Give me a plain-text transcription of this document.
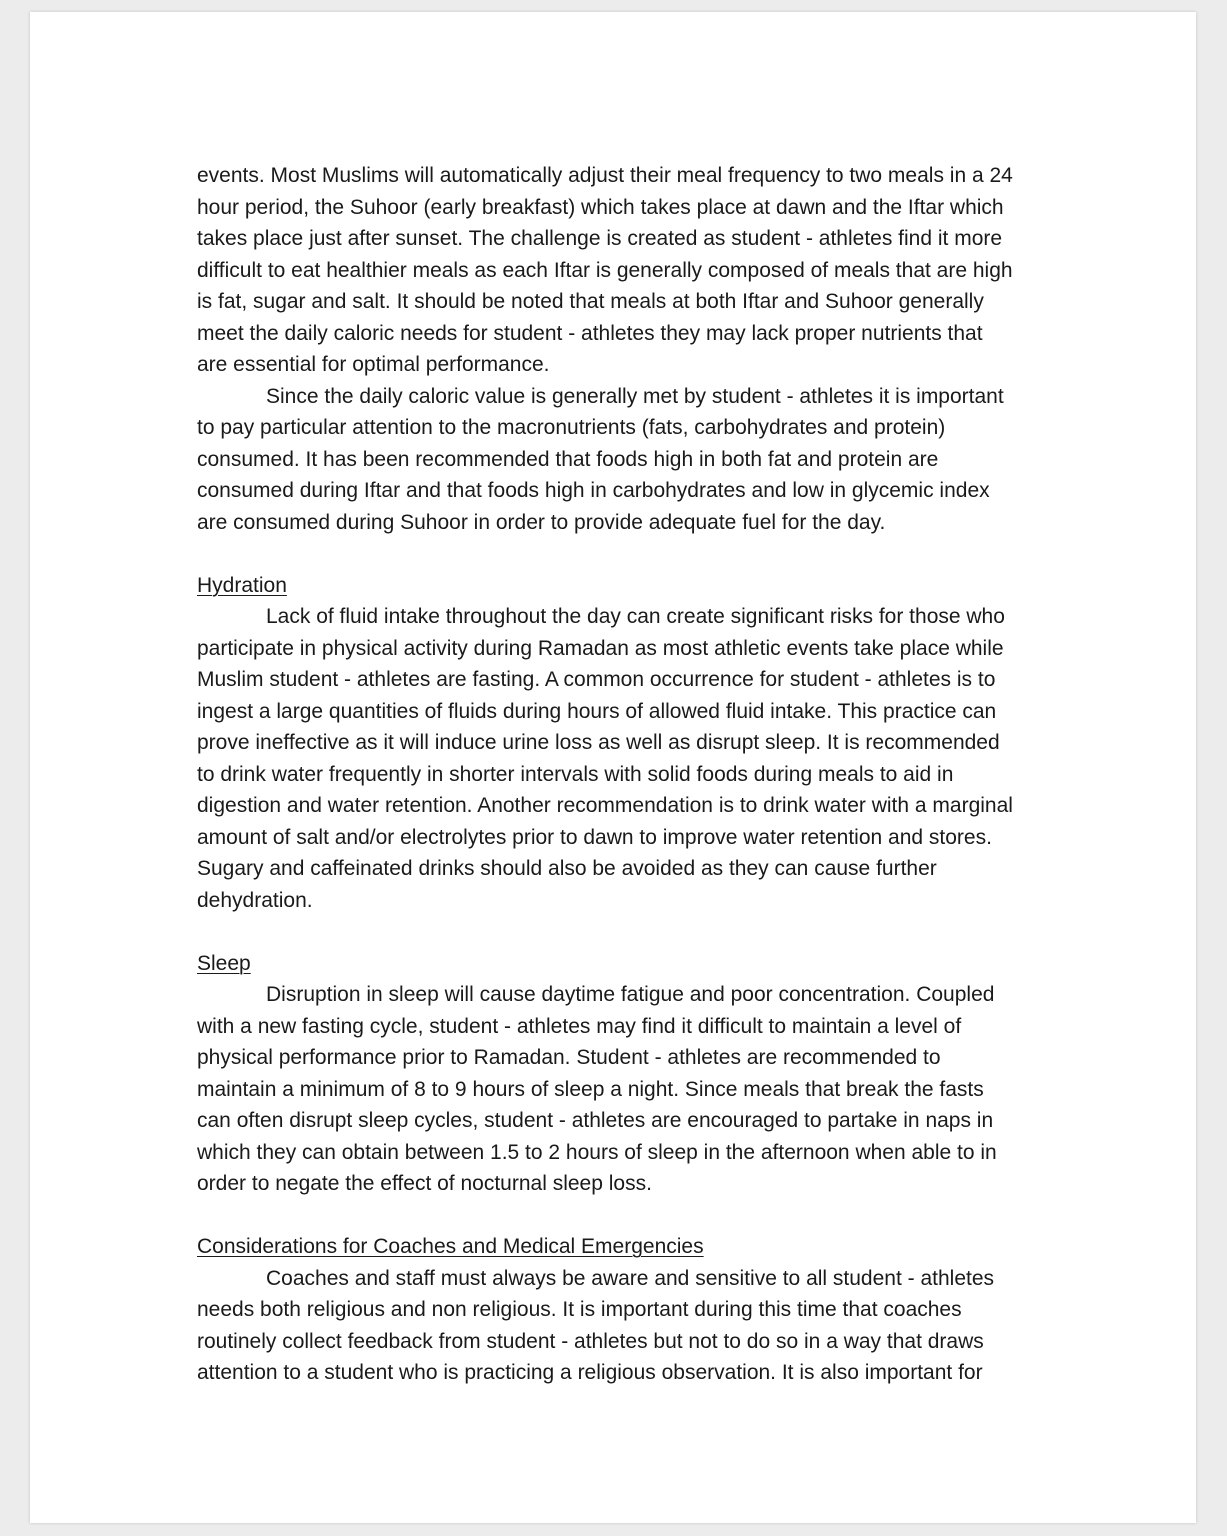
events. Most Muslims will automatically adjust their meal frequency to two meals in a 24
hour period, the Suhoor (early breakfast) which takes place at dawn and the Iftar which
takes place just after sunset. The challenge is created as student - athletes find it more
difficult to eat healthier meals as each Iftar is generally composed of meals that are high
is fat, sugar and salt. It should be noted that meals at both Iftar and Suhoor generally
meet the daily caloric needs for student - athletes they may lack proper nutrients that
are essential for optimal performance.
Since the daily caloric value is generally met by student - athletes it is important
to pay particular attention to the macronutrients (fats, carbohydrates and protein)
consumed. It has been recommended that foods high in both fat and protein are
consumed during Iftar and that foods high in carbohydrates and low in glycemic index
are consumed during Suhoor in order to provide adequate fuel for the day.
Hydration
Lack of fluid intake throughout the day can create significant risks for those who
participate in physical activity during Ramadan as most athletic events take place while
Muslim student - athletes are fasting. A common occurrence for student - athletes is to
ingest a large quantities of fluids during hours of allowed fluid intake. This practice can
prove ineffective as it will induce urine loss as well as disrupt sleep. It is recommended
to drink water frequently in shorter intervals with solid foods during meals to aid in
digestion and water retention. Another recommendation is to drink water with a marginal
amount of salt and/or electrolytes prior to dawn to improve water retention and stores.
Sugary and caffeinated drinks should also be avoided as they can cause further
dehydration.
Sleep
Disruption in sleep will cause daytime fatigue and poor concentration. Coupled
with a new fasting cycle, student - athletes may find it difficult to maintain a level of
physical performance prior to Ramadan. Student - athletes are recommended to
maintain a minimum of 8 to 9 hours of sleep a night. Since meals that break the fasts
can often disrupt sleep cycles, student - athletes are encouraged to partake in naps in
which they can obtain between 1.5 to 2 hours of sleep in the afternoon when able to in
order to negate the effect of nocturnal sleep loss.
Considerations for Coaches and Medical Emergencies
Coaches and staff must always be aware and sensitive to all student - athletes
needs both religious and non religious. It is important during this time that coaches
routinely collect feedback from student - athletes but not to do so in a way that draws
attention to a student who is practicing a religious observation. It is also important for
